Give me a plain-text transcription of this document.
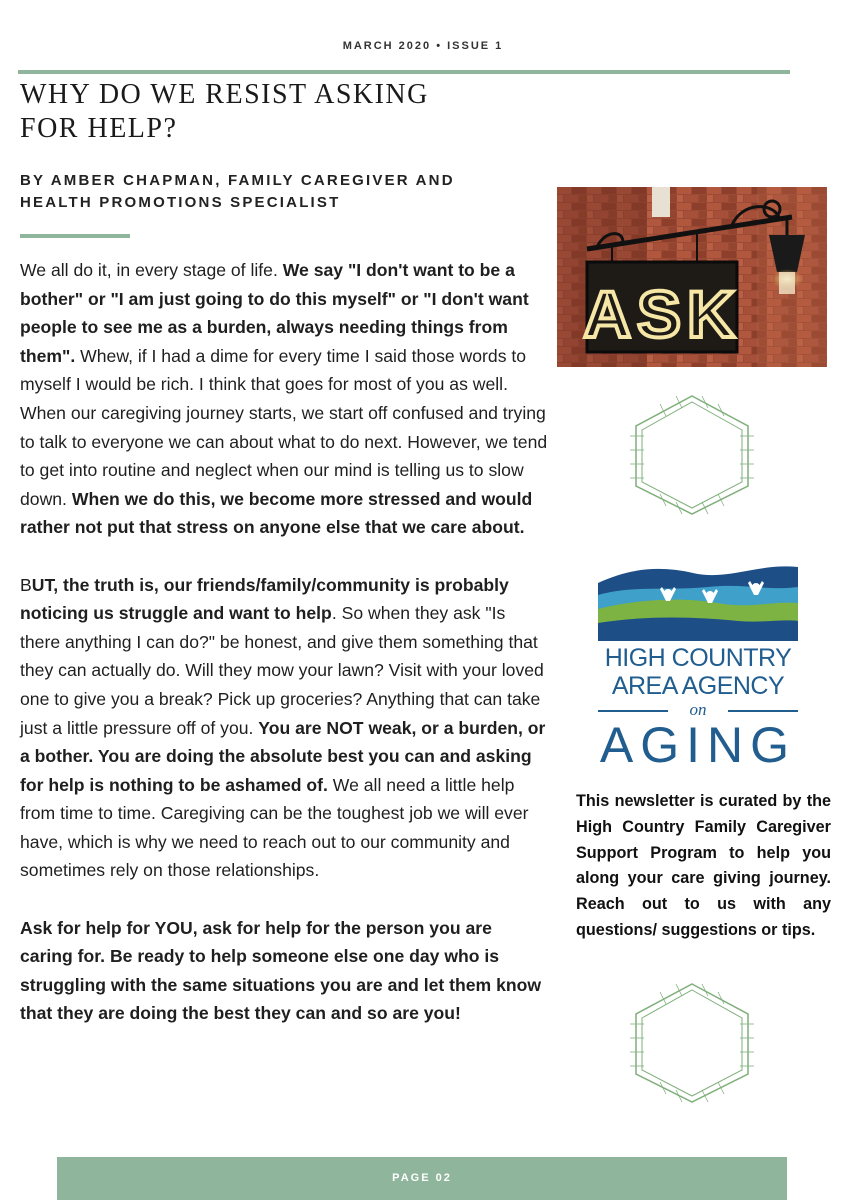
MARCH 2020 • ISSUE 1
WHY DO WE RESIST ASKING
FOR HELP?
BY AMBER CHAPMAN, FAMILY CAREGIVER AND
HEALTH PROMOTIONS SPECIALIST

We all do it, in every stage of life. We say "I don't want to be a bother" or "I am just going to do this myself" or "I don't want people to see me as a burden, always needing things from them". Whew, if I had a dime for every time I said those words to myself I would be rich. I think that goes for most of you as well. When our caregiving journey starts, we start off confused and trying to talk to everyone we can about what to do next. However, we tend to get into routine and neglect when our mind is telling us to slow down. When we do this, we become more stressed and would rather not put that stress on anyone else that we care about.

BUT, the truth is, our friends/family/community is probably noticing us struggle and want to help. So when they ask "Is there anything I can do?" be honest, and give them something that they can actually do. Will they mow your lawn? Visit with your loved one to give you a break? Pick up groceries? Anything that can take just a little pressure off of you. You are NOT weak, or a burden, or a bother. You are doing the absolute best you can and asking for help is nothing to be ashamed of. We all need a little help from time to time. Caregiving can be the toughest job we will ever have, which is why we need to reach out to our community and sometimes rely on those relationships.

Ask for help for YOU, ask for help for the person you are caring for. Be ready to help someone else one day who is struggling with the same situations you are and let them know that they are doing the best they can and so are you!

ASK
HIGH COUNTRY
AREA AGENCY
on
AGING

This newsletter is curated by the High Country Family Caregiver Support Program to help you along your care giving journey. Reach out to us with any questions/ suggestions or tips.

PAGE 02
